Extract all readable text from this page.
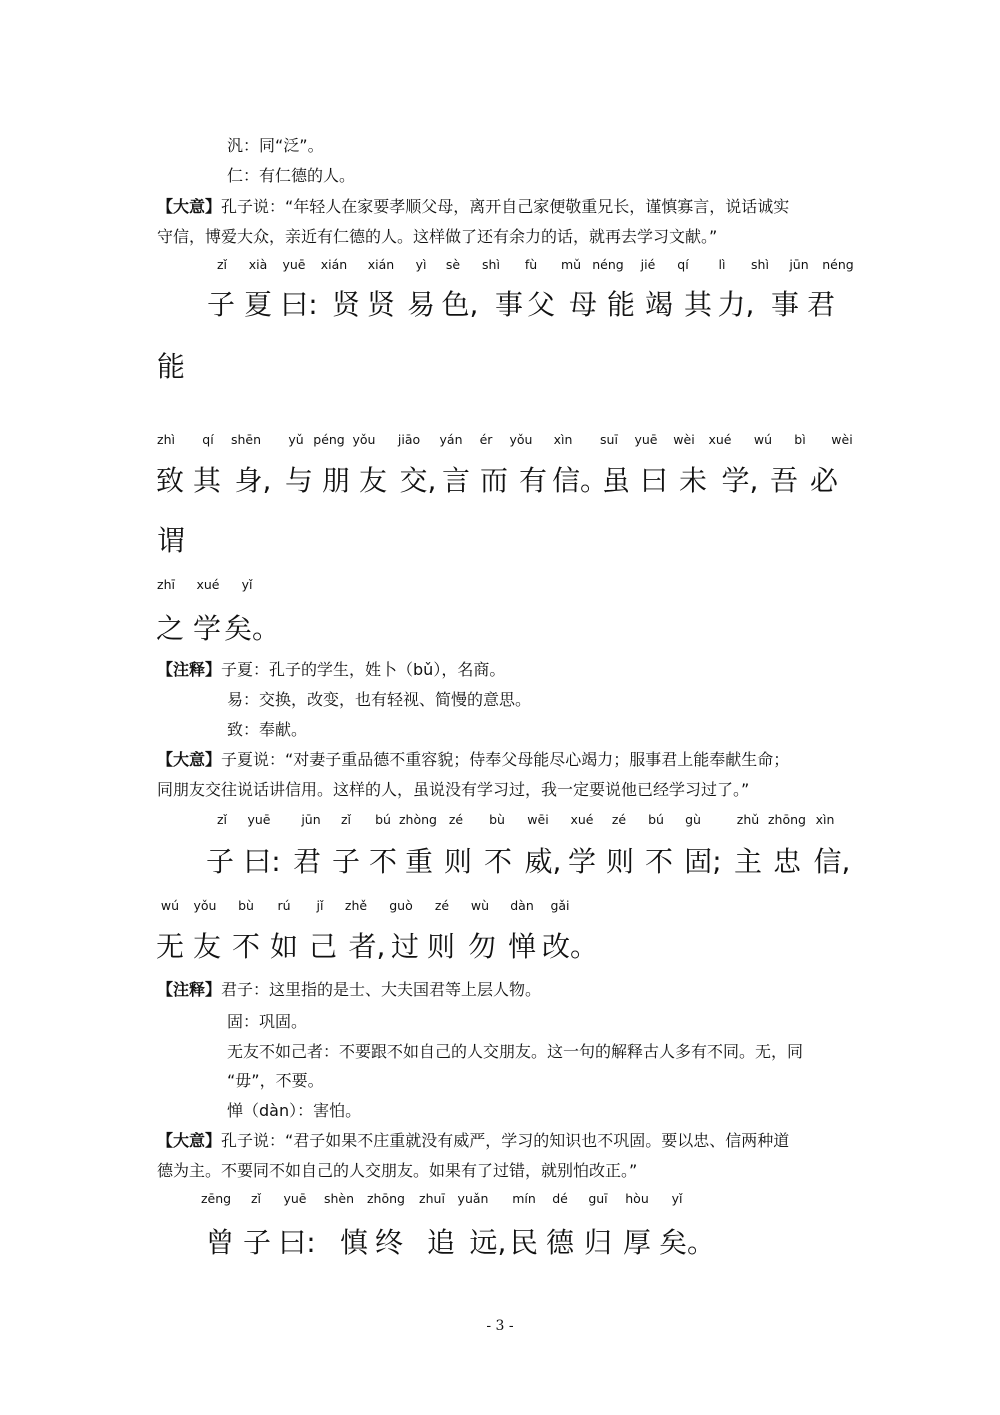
汎：同“泛”。
仁：有仁德的人。
【大意】孔子说：“年轻人在家要孝顺父母，离开自己家便敬重兄长，谨慎寡言，说话诚实
守信，博爱大众，亲近有仁德的人。这样做了还有余力的话，就再去学习文献。”
zǐ xià yuē xián xián yì sè shì fù mǔ néng jié qí lì shì jūn néng
子 夏 曰: 贤 贤 易 色, 事 父 母 能 竭 其 力, 事 君
能
zhì qí shēn yǔ péng yǒu jiāo yán ér yǒu xìn suī yuē wèi xué wú bì wèi
致 其 身, 与 朋 友 交, 言 而 有 信。
虽 曰 未 学, 吾 必
谓
zhī xué yǐ
之 学 矣。
【注释】子夏：孔子的学生，姓卜（bǔ），名商。
易：交换，改变，也有轻视、简慢的意思。
致：奉献。
【大意】子夏说：“对妻子重品德不重容貌；侍奉父母能尽心竭力；服事君上能奉献生命；
同朋友交往说话讲信用。这样的人，虽说没有学习过，我一定要说他已经学习过了。”
zǐ yuē jūn zǐ bú zhòng zé bù wēi xué zé bú gù	zhǔ zhōng xìn
子 曰: 君 子 不 重 则 不 威, 学 则 不 固; 主 忠 信,
wú yǒu bù rú jǐ zhě guò zé wù dàn gǎi
无 友 不 如 己 者, 过 则 勿 惮 改。
【注释】君子：这里指的是士、大夫国君等上层人物。
固：巩固。
无友不如己者：不要跟不如自己的人交朋友。这一句的解释古人多有不同。无，同
“毋”，不要。
惮（dàn）：害怕。
【大意】孔子说：“君子如果不庄重就没有威严，学习的知识也不巩固。要以忠、信两种道
德为主。不要同不如自己的人交朋友。如果有了过错，就别怕改正。”
zēng zǐ yuē shèn zhōng zhuī yuǎn mín dé guī hòu yǐ
曾 子 曰: 慎 终 追 远, 民 德 归 厚 矣。
- 3 -
